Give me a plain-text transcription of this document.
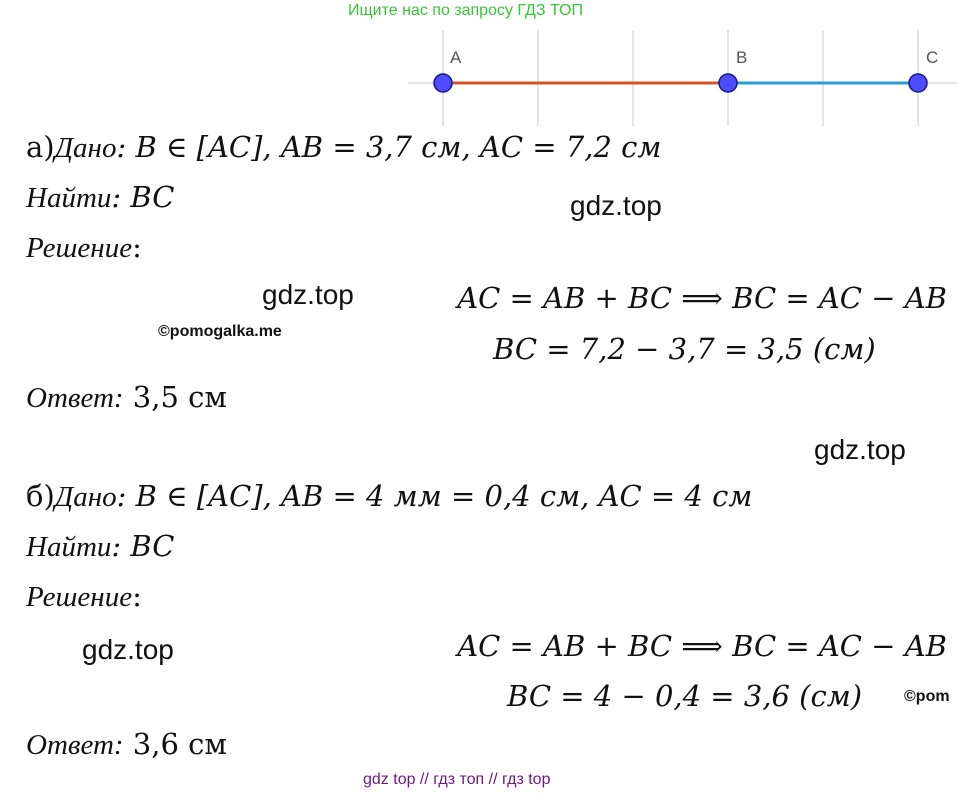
Ищите нас по запросу ГДЗ ТОП
A	B	C
а)Дано: B ∈ [AC], AB = 3,7 см, AC = 7,2 см
Найти: BC	gdz.top
Решение:
gdz.top	AC = AB + BC ⟹ BC = AC − AB
©pomogalka.me
BC = 7,2 − 3,7 = 3,5 (см)
Ответ: 3,5 см
gdz.top
б)Дано: B ∈ [AC], AB = 4 мм = 0,4 см, AC = 4 см
Найти: BC
Решение:
gdz.top	AC = AB + BC ⟹ BC = AC − AB
BC = 4 − 0,4 = 3,6 (см)	©pom
Ответ: 3,6 см
gdz top // гдз топ // гдз top
